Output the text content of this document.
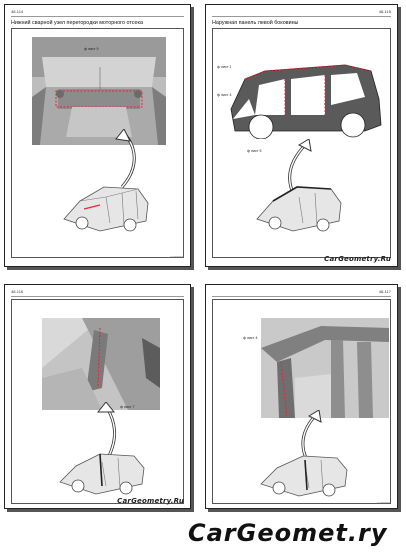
48-114
Нижний сварной узел перегородки моторного отсека
ф лист 9
AA000000
48-115
Наружная панель левой боковины
ф лист 1
ф лист 4
ф лист 5
CarGeometry.Ru
48-116
ф лист 7
CarGeometry.Ru
48-117
ф лист 4
AA000000
CarGeomet.ry
